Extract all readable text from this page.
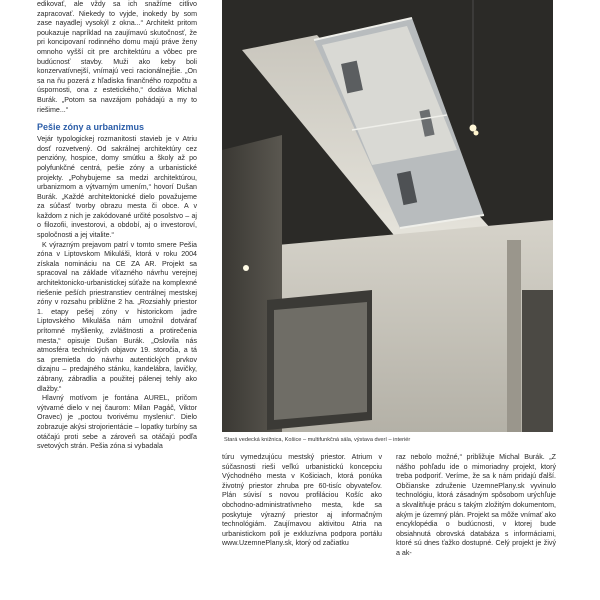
edikovať, ale vždy sa ich snažíme citlivo zapracovať. Niekedy to vyjde, inokedy by som zase nayadlej vysokýl z okna...“ Architekt pritom poukazuje napríklad na zaujímavú skutočnosť, že pri koncipovaní rodinného domu majú práve ženy omnoho vyšší cit pre architektúru a vôbec pre budúcnosť stavby. Muži ako keby boli konzervatívnejší, vnímajú veci racionálnejšie. „On sa na ňu pozerá z hľadiska finančného rozpočtu a úspornosti, ona z estetického,“ dodáva Michal Burák. „Potom sa navzájom pohádajú a my to riešime...“

Pešie zóny a urbanizmus

Vejár typologickej rozmanitosti stavieb je v Atriu dosť rozvetvený. Od sakrálnej architektúry cez penzióny, hospice, domy smútku a školy až po polyfunkčné centrá, pešie zóny a urbanistické projekty. „Pohybujeme sa medzi architektúrou, urbanizmom a výtvarným umením,“ hovorí Dušan Burák. „Každé architektonické dielo považujeme za súčasť tvorby obrazu mesta či obce. A v každom z nich je zakódované určité posolstvo – aj o filozofii, investorovi, a období, aj o investoroví, spoločnosti a jej vitalite.“

K výrazným prejavom patrí v tomto smere Pešia zóna v Liptovskom Mikuláši, ktorá v roku 2004 získala nomináciu na CE ZA AR. Projekt sa spracoval na základe víťazného návrhu verejnej architektonicko-urbanistickej súťaže na komplexné riešenie peších priestranstiev centrálnej mestskej zóny v rozsahu približne 2 ha. „Rozsiahly priestor 1. etapy pešej zóny v historickom jadre Liptovského Mikuláša nám umožnil dotvárať prítomné myšlienky, zvláštnosti a protirečenia mesta,“ opisuje Dušan Burák. „Oslovila nás atmosféra technických objavov 19. storočia, a tá sa premietla do návrhu autentických prvkov dizajnu – predajného stánku, kandelábra, lavičky, zábrany, zábradlia a použitej pálenej tehly ako dlažby.“

Hlavný motívom je fontána AUREL, pričom výtvarné dielo v nej čaurom: Milan Pagáč, Viktor Oravec) je „poctou tvorivému mysleniu“. Dielo zobrazuje akýsi strojorientácie – lopatky turbíny sa otáčajú proti sebe a zároveň sa otáčajú podľa svetových strán. Pešia zóna si vybadala

Stará vedecká knižnica, Košice – multifunkčná sála, výstava dverí – interiér

túru vymedzujúcu mestský priestor. Atrium v súčasnosti rieši veľkú urbanistickú koncepciu Východného mesta v Košiciach, ktorá ponúka životný priestor zhruba pre 60-tisíc obyvateľov. Plán súvisí s novou profiláciou Košíc ako obchodno-administratívneho mesta, kde sa poskytuje výrazný priestor aj informačným technológiám. Zaujímavou aktivitou Atria na urbanistickom poli je exkluzívna podpora portálu www.UzemnePlany.sk, ktorý od začiatku

raz nebolo možné,“ približuje Michal Burák. „Z nášho pohľadu ide o mimoriadny projekt, ktorý treba podporiť. Veríme, že sa k nám pridajú ďalší. Občianske združenie UzemnePlany.sk vyvinulo technológiu, ktorá zásadným spôsobom urýchľuje a skvalitňuje prácu s takým zložitým dokumentom, akým je územný plán. Projekt sa môže vnímať ako encyklopédia o budúcnosti, v ktorej bude obsiahnutá obrovská databáza s informáciami, ktoré sú dnes ťažko dostupné. Celý projekt je živý a ak-
